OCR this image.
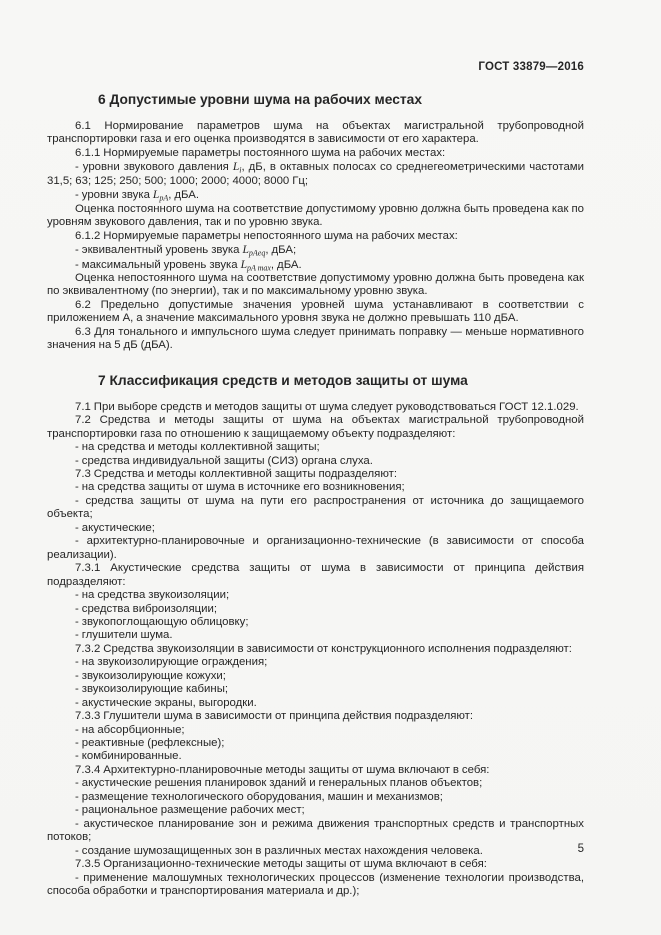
ГОСТ 33879—2016

6 Допустимые уровни шума на рабочих местах

6.1 Нормирование параметров шума на объектах магистральной трубопроводной транспортировки газа и его оценка производятся в зависимости от его характера.

6.1.1 Нормируемые параметры постоянного шума на рабочих местах:

- уровни звукового давления $L_i$, дБ, в октавных полосах со среднегеометрическими частотами 31,5; 63; 125; 250; 500; 1000; 2000; 4000; 8000 Гц;

- уровни звука $L_{pA}$, дБА.

Оценка постоянного шума на соответствие допустимому уровню должна быть проведена как по уровням звукового давления, так и по уровню звука.

6.1.2 Нормируемые параметры непостоянного шума на рабочих местах:

- эквивалентный уровень звука $L_{pAeq}$, дБА;

- максимальный уровень звука $L_{pA max}$, дБА.

Оценка непостоянного шума на соответствие допустимому уровню должна быть проведена как по эквивалентному (по энергии), так и по максимальному уровню звука.

6.2 Предельно допустимые значения уровней шума устанавливают в соответствии с приложением А, а значение максимального уровня звука не должно превышать 110 дБА.

6.3 Для тонального и импульсного шума следует принимать поправку — меньше нормативного значения на 5 дБ (дБА).

7 Классификация средств и методов защиты от шума

7.1 При выборе средств и методов защиты от шума следует руководствоваться ГОСТ 12.1.029.

7.2 Средства и методы защиты от шума на объектах магистральной трубопроводной транспортировки газа по отношению к защищаемому объекту подразделяют:

- на средства и методы коллективной защиты;

- средства индивидуальной защиты (СИЗ) органа слуха.

7.3 Средства и методы коллективной защиты подразделяют:

- на средства защиты от шума в источнике его возникновения;

- средства защиты от шума на пути его распространения от источника до защищаемого объекта;

- акустические;

- архитектурно-планировочные и организационно-технические (в зависимости от способа реализации).

7.3.1 Акустические средства защиты от шума в зависимости от принципа действия подразделяют:

- на средства звукоизоляции;

- средства виброизоляции;

- звукопоглощающую облицовку;

- глушители шума.

7.3.2 Средства звукоизоляции в зависимости от конструкционного исполнения подразделяют:

- на звукоизолирующие ограждения;

- звукоизолирующие кожухи;

- звукоизолирующие кабины;

- акустические экраны, выгородки.

7.3.3 Глушители шума в зависимости от принципа действия подразделяют:

- на абсорбционные;

- реактивные (рефлексные);

- комбинированные.

7.3.4 Архитектурно-планировочные методы защиты от шума включают в себя:

- акустические решения планировок зданий и генеральных планов объектов;

- размещение технологического оборудования, машин и механизмов;

- рациональное размещение рабочих мест;

- акустическое планирование зон и режима движения транспортных средств и транспортных потоков;

- создание шумозащищенных зон в различных местах нахождения человека.

7.3.5 Организационно-технические методы защиты от шума включают в себя:

- применение малошумных технологических процессов (изменение технологии производства, способа обработки и транспортирования материала и др.);

5
